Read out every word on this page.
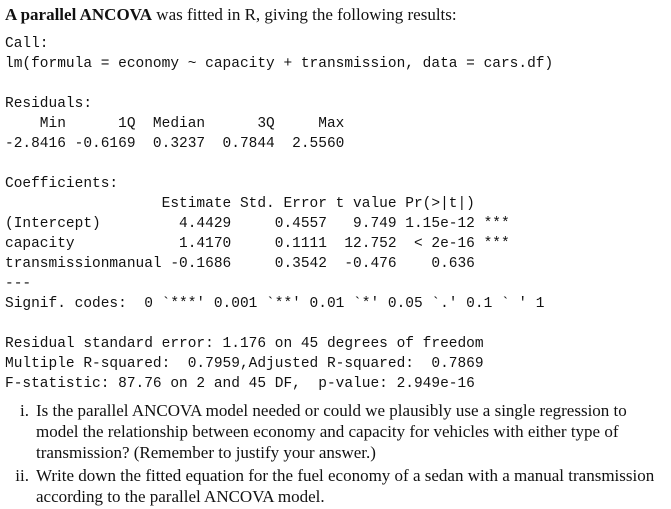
A parallel ANCOVA was fitted in R, giving the following results:
Call:
lm(formula = economy ~ capacity + transmission, data = cars.df)
Residuals:
Min      1Q  Median      3Q     Max
-2.8416 -0.6169  0.3237  0.7844  2.5560
Coefficients:
Estimate Std. Error t value Pr(>|t|)
(Intercept)         4.4429     0.4557   9.749 1.15e-12 ***
capacity            1.4170     0.1111  12.752  < 2e-16 ***
transmissionmanual -0.1686     0.3542  -0.476    0.636
---
Signif. codes:  0 `***' 0.001 `**' 0.01 `*' 0.05 `.' 0.1 ` ' 1
Residual standard error: 1.176 on 45 degrees of freedom
Multiple R-squared:  0.7959,Adjusted R-squared:  0.7869
F-statistic: 87.76 on 2 and 45 DF,  p-value: 2.949e-16
i. Is the parallel ANCOVA model needed or could we plausibly use a single regression to model the relationship between economy and capacity for vehicles with either type of transmission? (Remember to justify your answer.)
ii. Write down the fitted equation for the fuel economy of a sedan with a manual transmission according to the parallel ANCOVA model.
